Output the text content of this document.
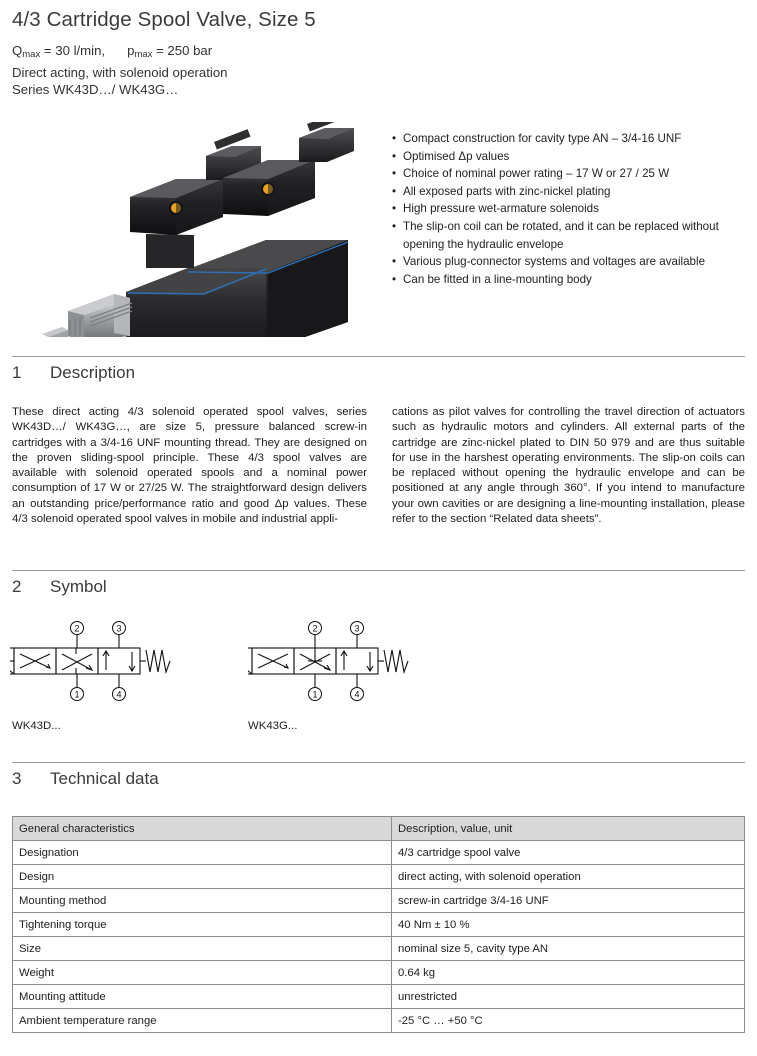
4/3 Cartridge Spool Valve, Size 5
$Q_{max} = 30$ l/min, $p_{max} = 250$ bar
Direct acting, with solenoid operation
Series WK43D…/ WK43G…
• Compact construction for cavity type AN – 3/4-16 UNF
• Optimised Δp values
• Choice of nominal power rating – 17 W or 27 / 25 W
• All exposed parts with zinc-nickel plating
• High pressure wet-armature solenoids
• The slip-on coil can be rotated, and it can be replaced without opening the hydraulic envelope
• Various plug-connector systems and voltages are available
• Can be fitted in a line-mounting body
1 Description
These direct acting 4/3 solenoid operated spool valves, series WK43D…/ WK43G…, are size 5, pressure balanced screw-in cartridges with a 3/4-16 UNF mounting thread. They are designed on the proven sliding-spool principle. These 4/3 spool valves are available with solenoid operated spools and a nominal power consumption of 17 W or 27/25 W. The straightforward design delivers an outstanding price/performance ratio and good Δp values. These 4/3 solenoid operated spool valves in mobile and industrial appli-
cations as pilot valves for controlling the travel direction of actuators such as hydraulic motors and cylinders. All external parts of the cartridge are zinc-nickel plated to DIN 50 979 and are thus suitable for use in the harshest operating environments. The slip-on coils can be replaced without opening the hydraulic envelope and can be positioned at any angle through 360°. If you intend to manufacture your own cavities or are designing a line-mounting installation, please refer to the section “Related data sheets”.
2 Symbol
2	3
1	4
WK43D...
2	3
1	4
WK43G...
3 Technical data
General characteristics	Description, value, unit
Designation	4/3 cartridge spool valve
Design	direct acting, with solenoid operation
Mounting method	screw-in cartridge 3/4-16 UNF
Tightening torque	40 Nm ± 10 %
Size	nominal size 5, cavity type AN
Weight	0.64 kg
Mounting attitude	unrestricted
Ambient temperature range	-25 °C … +50 °C
